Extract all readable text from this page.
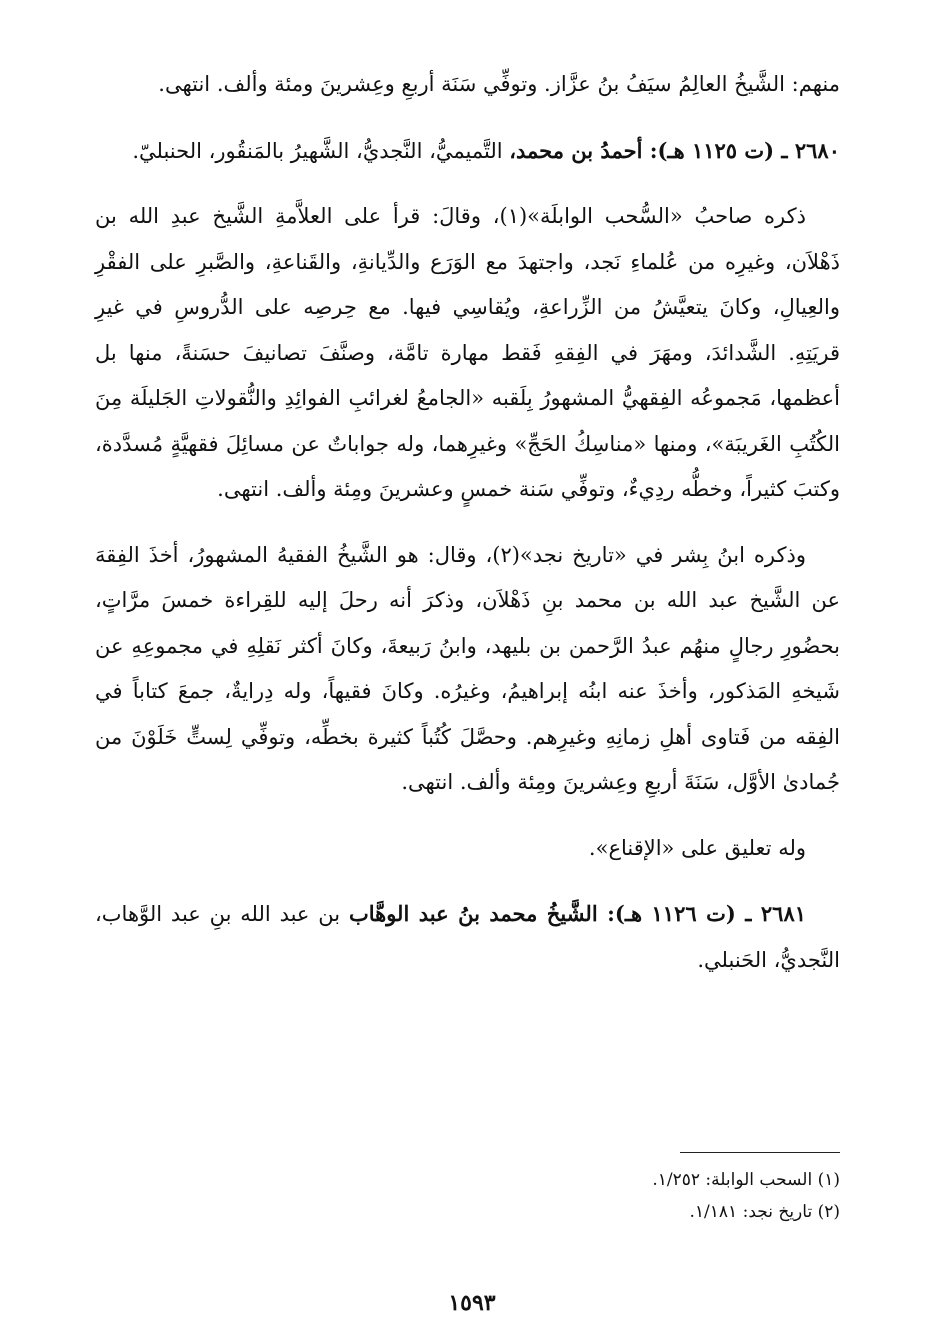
منهم: الشَّيخُ العالِمُ سيَفُ بنُ عزَّاز. وتوفِّي سَنَة أربعِ وعِشرينَ ومئة وألف. انتهى.

٢٦٨٠ ـ (ت ١١٢٥ هـ): أحمدُ بن محمد، التَّميميُّ، النَّجديُّ، الشَّهيرُ بالمَنقُور، الحنبليّ.

ذكره صاحبُ «السُّحب الوابلَة»(١)، وقالَ: قرأ على العلاَّمةِ الشَّيخ عبدِ الله بن ذَهْلاَن، وغيرِه من عُلماءِ نَجد، واجتهدَ مع الوَرَع والدِّيانةِ، والقَناعةِ، والصَّبرِ على الفقْرِ والعِيالِ، وكانَ يتعيَّشُ من الزِّراعةِ، ويُقاسِي فيها. مع حِرصِه على الدُّروسِ في غيرِ قريَتِهِ. الشَّدائدَ، ومهَرَ في الفِقهِ فَقط مهارة تامَّة، وصنَّفَ تصانيفَ حسَنةً، منها بل أعظمها، مَجموعُه الفِقهيُّ المشهورُ بِلَقبه «الجامعُ لغرائبِ الفوائِدِ والنُّقولاتِ الجَليلَة مِنَ الكُتُبِ الغَريبَة»، ومنها «مناسِكُ الحَجِّ» وغيرِهما، وله جواباتٌ عن مسائِلَ فقهيَّةٍ مُسدَّدة، وكتبَ كثيراً، وخطُّه ردِيءٌ، وتوفِّي سَنة خمسٍ وعشرينَ ومِئة وألف. انتهى.

وذكره ابنُ بِشر في «تاريخ نجد»(٢)، وقال: هو الشَّيخُ الفقيهُ المشهورُ، أخذَ الفِقهَ عن الشَّيخ عبد الله بن محمد بنِ ذَهْلاَن، وذكرَ أنه رحلَ إليه للقِراءة خمسَ مرَّاتٍ، بحضُورِ رجالٍ منهُم عبدُ الرَّحمن بن بليهد، وابنُ رَبيعةَ، وكانَ أكثر نَقلِهِ في مجموعِهِ عن شَيخهِ المَذكور، وأخذَ عنه ابنُه إبراهيمُ، وغيرُه. وكانَ فقيهاً، وله دِرايةٌ، جمعَ كتاباً في الفِقه من فَتاوى أهلِ زمانِهِ وغيرِهم. وحصَّلَ كُتُباً كثيرة بخطِّه، وتوفِّي لِستٍّ خَلَوْنَ من جُمادىٰ الأوَّل، سَنَةَ أربعِ وعِشرينَ ومِئة وألف. انتهى.

وله تعليق على «الإقناع».

٢٦٨١ ـ (ت ١١٢٦ هـ): الشَّيخُ محمد بنُ عبد الوهَّاب بن عبد الله بنِ عبد الوَّهاب، النَّجديُّ، الحَنبلي.

(١) السحب الوابلة: ١/٢٥٢.

(٢) تاريخ نجد: ١/١٨١.

١٥٩٣
